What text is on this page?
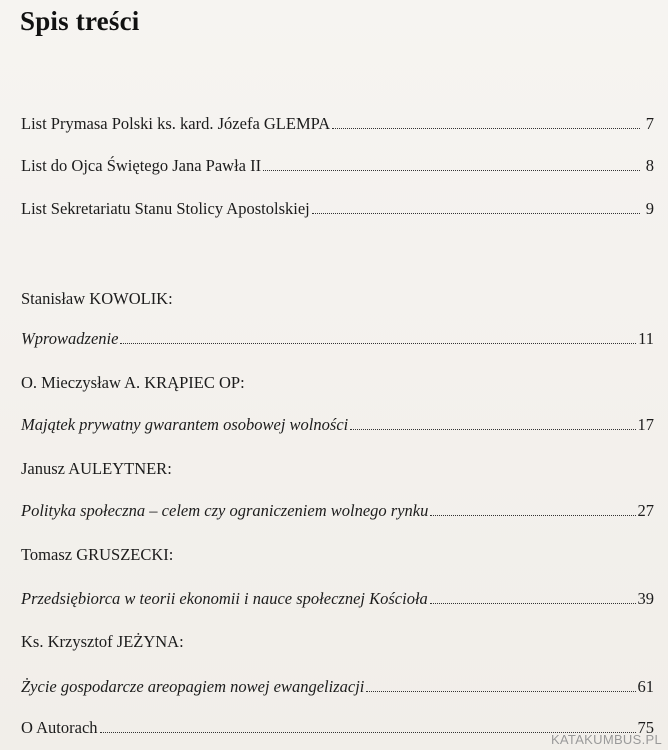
Spis treści
List Prymasa Polski ks. kard. Józefa GLEMPA	7
List do Ojca Świętego Jana Pawła II	8
List Sekretariatu Stanu Stolicy Apostolskiej	9
Stanisław KOWOLIK:
Wprowadzenie	11
O. Mieczysław A. KRĄPIEC OP:
Majątek prywatny gwarantem osobowej wolności	17
Janusz AULEYTNER:
Polityka społeczna – celem czy ograniczeniem wolnego rynku	27
Tomasz GRUSZECKI:
Przedsiębiorca w teorii ekonomii i nauce społecznej Kościoła	39
Ks. Krzysztof JEŻYNA:
Życie gospodarcze areopagiem nowej ewangelizacji	61
O Autorach	75
KATAKUMBUS.PL
